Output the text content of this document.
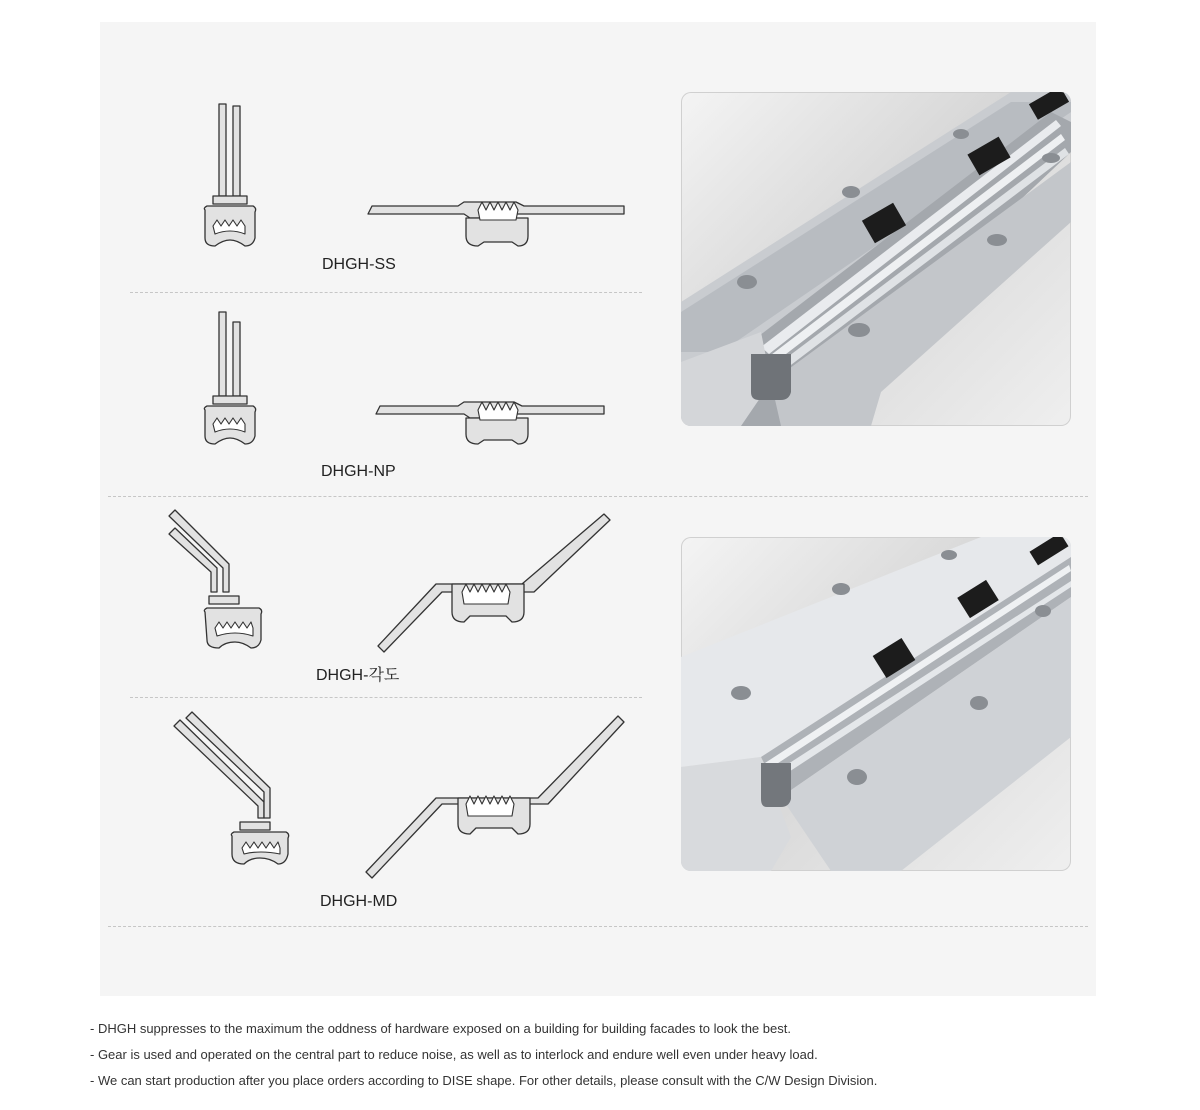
DHGH-SS
DHGH-NP
DHGH-각도
DHGH-MD

- DHGH suppresses to the maximum the oddness of hardware exposed on a building for building facades to look the best.

- Gear is used and operated on the central part to reduce noise, as well as to interlock and endure well even under heavy load.

- We can start production after you place orders according to DISE shape. For other details, please consult with the C/W Design Division.
